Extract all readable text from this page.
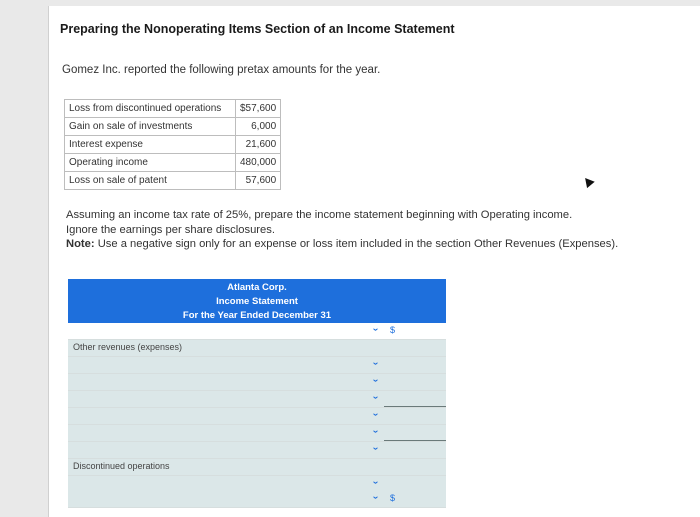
Preparing the Nonoperating Items Section of an Income Statement
Gomez Inc. reported the following pretax amounts for the year.
Loss from discontinued operations	$57,600
Gain on sale of investments	6,000
Interest expense	21,600
Operating income	480,000
Loss on sale of patent	57,600
Assuming an income tax rate of 25%, prepare the income statement beginning with Operating income.
Ignore the earnings per share disclosures.
Note: Use a negative sign only for an expense or loss item included in the section Other Revenues (Expenses).
Atlanta Corp.
Income Statement
For the Year Ended December 31
› $
Other revenues (expenses)
›
›
›
›
›
›
Discontinued operations
›
› $
